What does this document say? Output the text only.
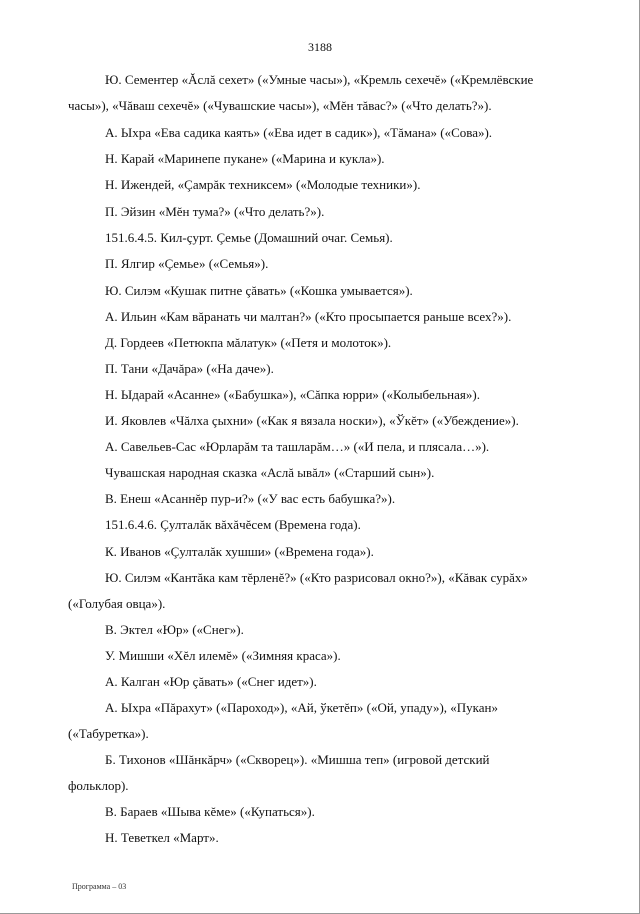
3188
Ю. Сементер «Ăслă сехет» («Умные часы»), «Кремль сехечĕ» («Кремлёвские
часы»), «Чăваш сехечĕ» («Чувашские часы»), «Мĕн тăвас?» («Что делать?»).
А. Ыхра «Ева садика каять» («Ева идет в садик»), «Тăмана» («Сова»).
Н. Карай «Маринепе пукане» («Марина и кукла»).
Н. Ижендей, «Çамрăк техниксем» («Молодые техники»).
П. Эйзин «Мĕн тума?» («Что делать?»).
151.6.4.5. Кил-çурт. Çемье (Домашний очаг. Семья).
П. Ялгир «Çемье» («Семья»).
Ю. Силэм «Кушак питне çăвать» («Кошка умывается»).
А. Ильин «Кам вăранать чи малтан?» («Кто просыпается раньше всех?»).
Д. Гордеев «Петюкпа мăлатук» («Петя и молоток»).
П. Тани «Дачăра» («На даче»).
Н. Ыдарай «Асанне» («Бабушка»), «Сăпка юрри» («Колыбельная»).
И. Яковлев «Чăлха çыхни» («Как я вязала носки»), «Ўкĕт» («Убеждение»).
А. Савельев-Сас «Юрларăм та ташларăм…» («И пела, и плясала…»).
Чувашская народная сказка «Аслă ывăл» («Старший сын»).
В. Енеш «Асаннĕр пур-и?» («У вас есть бабушка?»).
151.6.4.6. Çулталăк вăхăчĕсем (Времена года).
К. Иванов «Çулталăк хушши» («Времена года»).
Ю. Силэм «Кантăка кам тĕрленĕ?» («Кто разрисовал окно?»), «Кăвак сурăх»
(«Голубая овца»).
В. Эктел «Юр» («Снег»).
У. Мишши «Хĕл илемĕ» («Зимняя краса»).
А. Калган «Юр çăвать» («Снег идет»).
А. Ыхра «Пăрахут» («Пароход»), «Ай, ўкетĕп» («Ой, упаду»), «Пукан»
(«Табуретка»).
Б. Тихонов «Шăнкăрч» («Скворец»). «Мишша теп» (игровой детский
фольклор).
В. Бараев «Шыва кĕме» («Купаться»).
Н. Теветкел «Март».
Программа – 03
